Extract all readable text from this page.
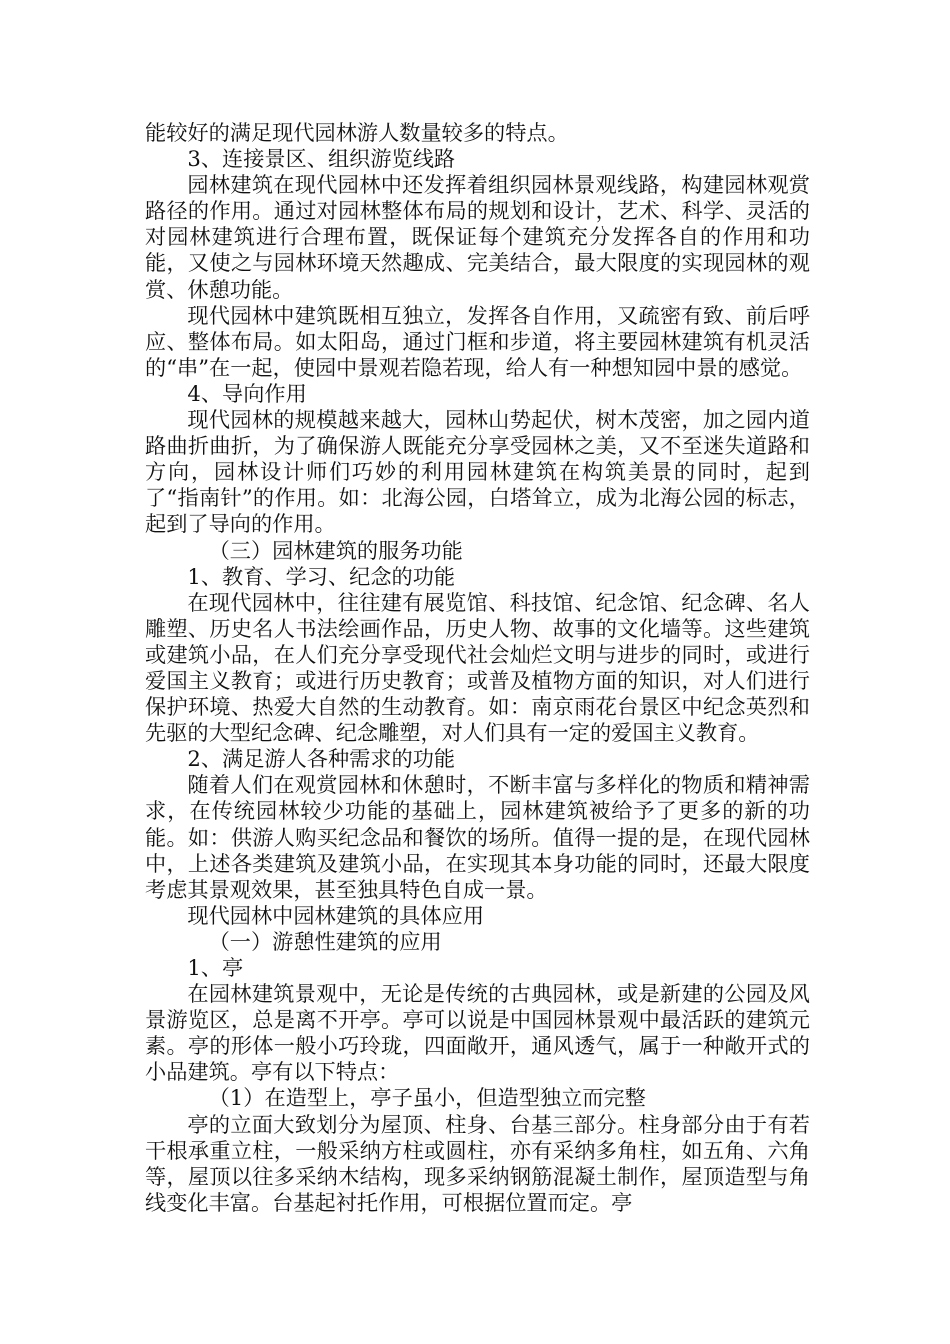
能较好的满足现代园林游人数量较多的特点。

3、连接景区、组织游览线路

园林建筑在现代园林中还发挥着组织园林景观线路，构建园林观赏路径的作用。通过对园林整体布局的规划和设计，艺术、科学、灵活的对园林建筑进行合理布置，既保证每个建筑充分发挥各自的作用和功能，又使之与园林环境天然趣成、完美结合，最大限度的实现园林的观赏、休憩功能。

现代园林中建筑既相互独立，发挥各自作用，又疏密有致、前后呼应、整体布局。如太阳岛，通过门框和步道，将主要园林建筑有机灵活的“串”在一起，使园中景观若隐若现，给人有一种想知园中景的感觉。

4、导向作用

现代园林的规模越来越大，园林山势起伏，树木茂密，加之园内道路曲折曲折，为了确保游人既能充分享受园林之美，又不至迷失道路和方向，园林设计师们巧妙的利用园林建筑在构筑美景的同时，起到了“指南针”的作用。如：北海公园，白塔耸立，成为北海公园的标志，起到了导向的作用。

（三）园林建筑的服务功能

1、教育、学习、纪念的功能

在现代园林中，往往建有展览馆、科技馆、纪念馆、纪念碑、名人雕塑、历史名人书法绘画作品，历史人物、故事的文化墙等。这些建筑或建筑小品，在人们充分享受现代社会灿烂文明与进步的同时，或进行爱国主义教育；或进行历史教育；或普及植物方面的知识，对人们进行保护环境、热爱大自然的生动教育。如：南京雨花台景区中纪念英烈和先驱的大型纪念碑、纪念雕塑，对人们具有一定的爱国主义教育。

2、满足游人各种需求的功能

随着人们在观赏园林和休憩时，不断丰富与多样化的物质和精神需求，在传统园林较少功能的基础上，园林建筑被给予了更多的新的功能。如：供游人购买纪念品和餐饮的场所。值得一提的是，在现代园林中，上述各类建筑及建筑小品，在实现其本身功能的同时，还最大限度考虑其景观效果，甚至独具特色自成一景。

现代园林中园林建筑的具体应用

（一）游憩性建筑的应用

1、亭

在园林建筑景观中，无论是传统的古典园林，或是新建的公园及风景游览区，总是离不开亭。亭可以说是中国园林景观中最活跃的建筑元素。亭的形体一般小巧玲珑，四面敞开，通风透气，属于一种敞开式的小品建筑。亭有以下特点：

（1）在造型上，亭子虽小，但造型独立而完整

亭的立面大致划分为屋顶、柱身、台基三部分。柱身部分由于有若干根承重立柱，一般采纳方柱或圆柱，亦有采纳多角柱，如五角、六角等，屋顶以往多采纳木结构，现多采纳钢筋混凝土制作，屋顶造型与角线变化丰富。台基起衬托作用，可根据位置而定。亭
